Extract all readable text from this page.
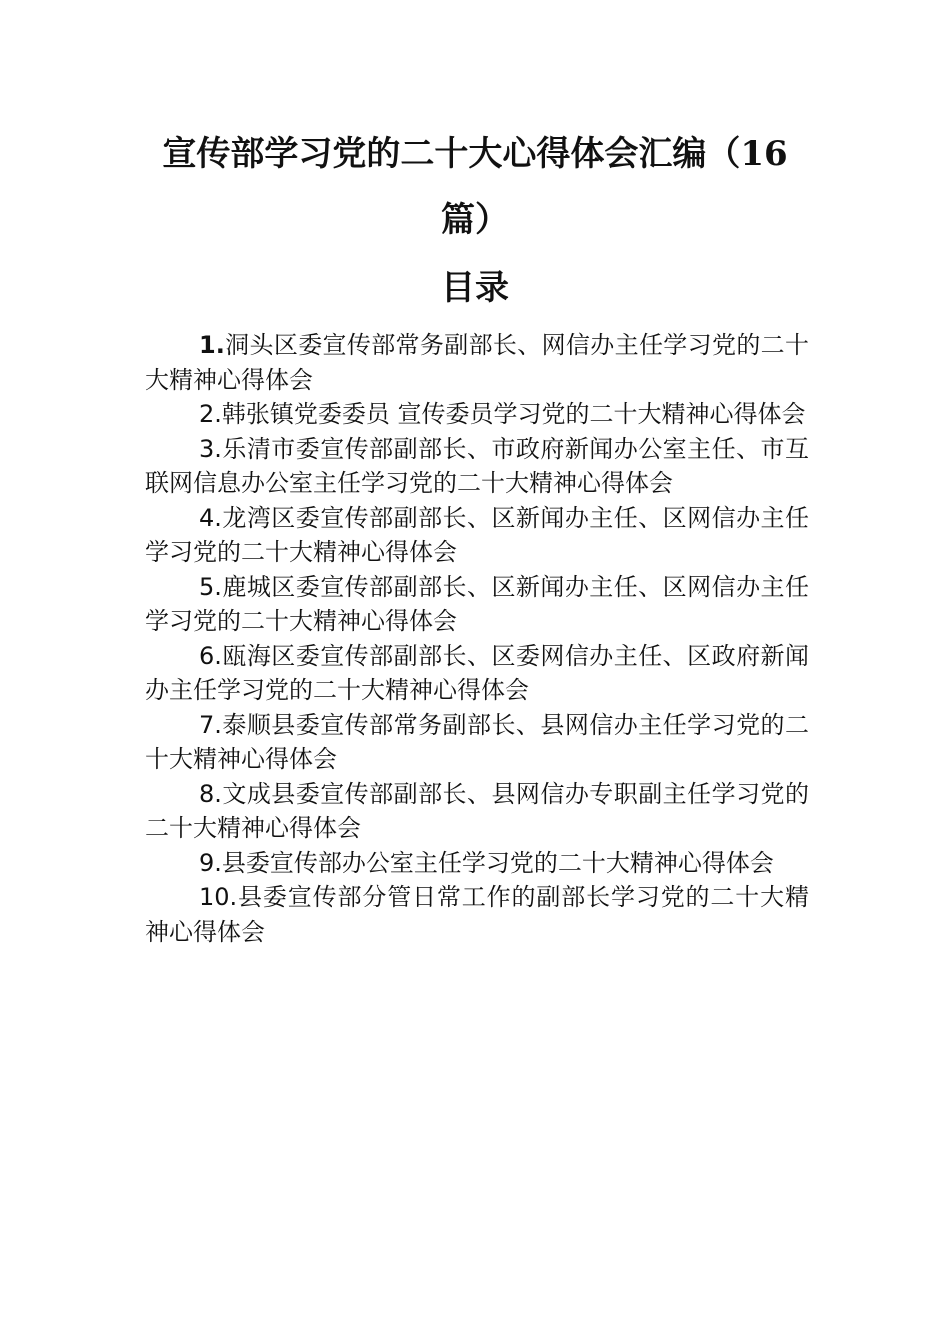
宣传部学习党的二十大心得体会汇编（16
篇）
目录
1.洞头区委宣传部常务副部长、网信办主任学习党的二十大精神心得体会
2.韩张镇党委委员 宣传委员学习党的二十大精神心得体会
3.乐清市委宣传部副部长、市政府新闻办公室主任、市互联网信息办公室主任学习党的二十大精神心得体会
4.龙湾区委宣传部副部长、区新闻办主任、区网信办主任学习党的二十大精神心得体会
5.鹿城区委宣传部副部长、区新闻办主任、区网信办主任学习党的二十大精神心得体会
6.瓯海区委宣传部副部长、区委网信办主任、区政府新闻办主任学习党的二十大精神心得体会
7.泰顺县委宣传部常务副部长、县网信办主任学习党的二十大精神心得体会
8.文成县委宣传部副部长、县网信办专职副主任学习党的二十大精神心得体会
9.县委宣传部办公室主任学习党的二十大精神心得体会
10.县委宣传部分管日常工作的副部长学习党的二十大精神心得体会
